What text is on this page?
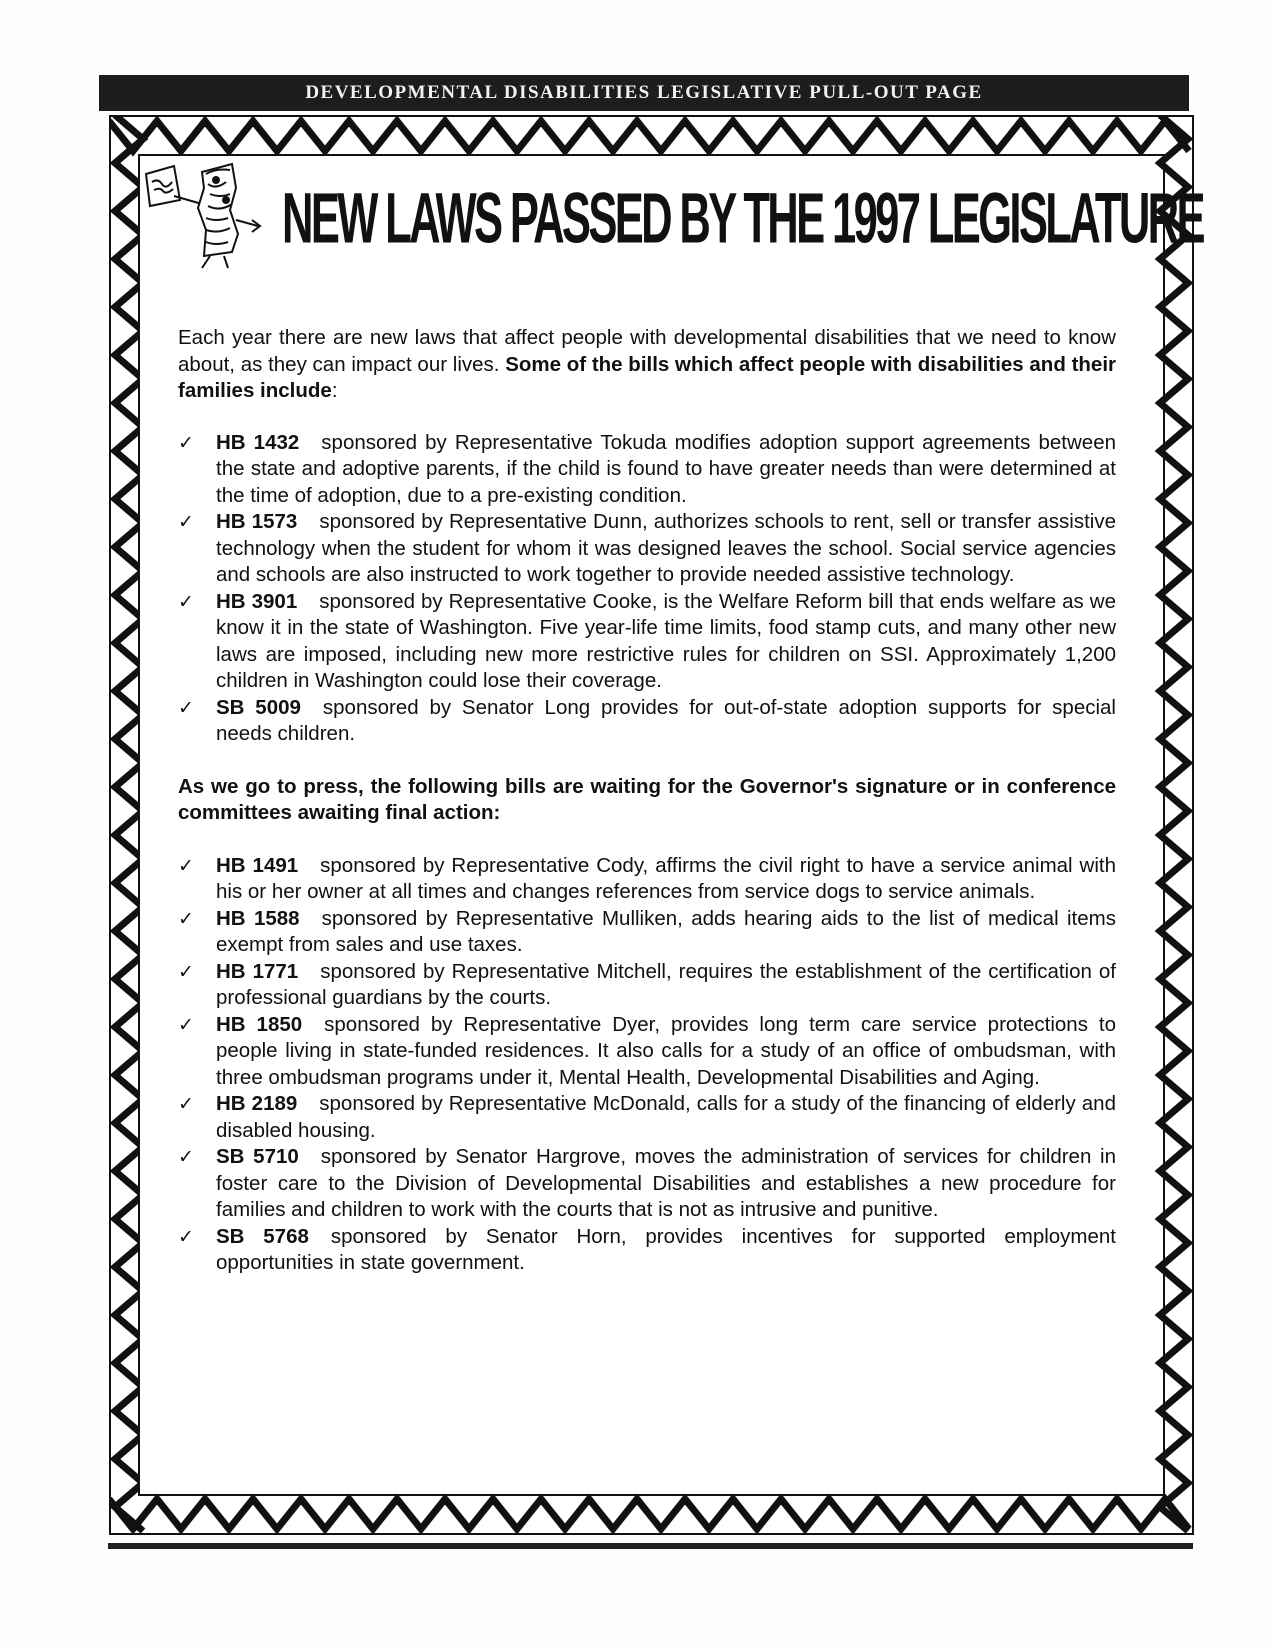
DEVELOPMENTAL DISABILITIES LEGISLATIVE PULL-OUT PAGE
NEW LAWS PASSED BY THE 1997 LEGISLATURE

Each year there are new laws that affect people with developmental disabilities that we need to know about, as they can impact our lives. Some of the bills which affect people with disabilities and their families include:

✓ HB 1432 sponsored by Representative Tokuda modifies adoption support agreements between the state and adoptive parents, if the child is found to have greater needs than were determined at the time of adoption, due to a pre-existing condition.
✓ HB 1573 sponsored by Representative Dunn, authorizes schools to rent, sell or transfer assistive technology when the student for whom it was designed leaves the school. Social service agencies and schools are also instructed to work together to provide needed assistive technology.
✓ HB 3901 sponsored by Representative Cooke, is the Welfare Reform bill that ends welfare as we know it in the state of Washington. Five year-life time limits, food stamp cuts, and many other new laws are imposed, including new more restrictive rules for children on SSI. Approximately 1,200 children in Washington could lose their coverage.
✓ SB 5009 sponsored by Senator Long provides for out-of-state adoption supports for special needs children.

As we go to press, the following bills are waiting for the Governor's signature or in conference committees awaiting final action:

✓ HB 1491 sponsored by Representative Cody, affirms the civil right to have a service animal with his or her owner at all times and changes references from service dogs to service animals.
✓ HB 1588 sponsored by Representative Mulliken, adds hearing aids to the list of medical items exempt from sales and use taxes.
✓ HB 1771 sponsored by Representative Mitchell, requires the establishment of the certification of professional guardians by the courts.
✓ HB 1850 sponsored by Representative Dyer, provides long term care service protections to people living in state-funded residences. It also calls for a study of an office of ombudsman, with three ombudsman programs under it, Mental Health, Developmental Disabilities and Aging.
✓ HB 2189 sponsored by Representative McDonald, calls for a study of the financing of elderly and disabled housing.
✓ SB 5710 sponsored by Senator Hargrove, moves the administration of services for children in foster care to the Division of Developmental Disabilities and establishes a new procedure for families and children to work with the courts that is not as intrusive and punitive.
✓ SB 5768 sponsored by Senator Horn, provides incentives for supported employment opportunities in state government.
